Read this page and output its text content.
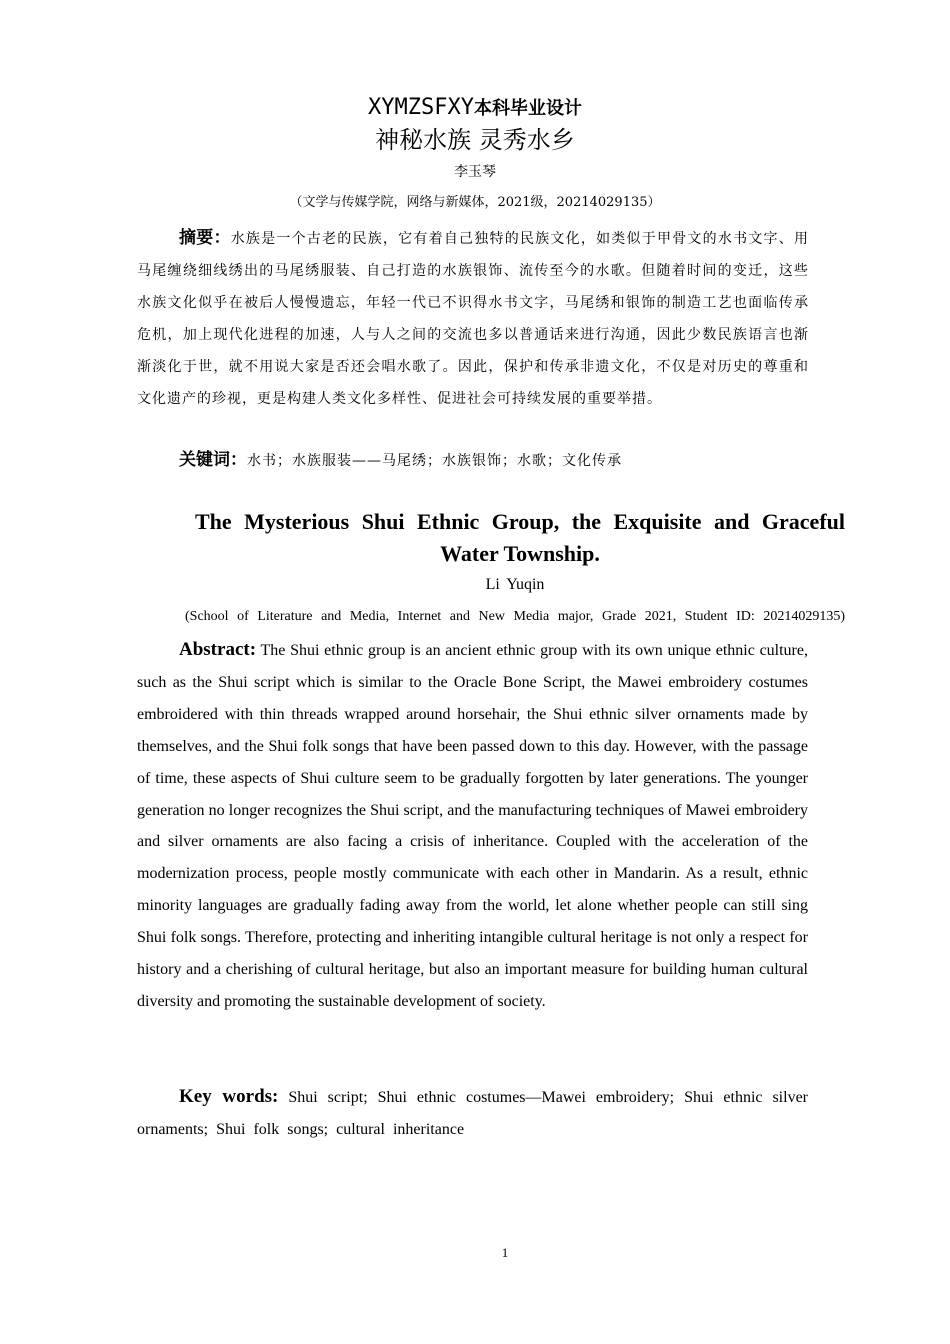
XYMZSFXY本科毕业设计
神秘水族 灵秀水乡
李玉琴
（文学与传媒学院，网络与新媒体，2021级，20214029135）
摘要：水族是一个古老的民族，它有着自己独特的民族文化，如类似于甲骨文的水书文字、用马尾缠绕细线绣出的马尾绣服装、自己打造的水族银饰、流传至今的水歌。但随着时间的变迁，这些水族文化似乎在被后人慢慢遗忘，年轻一代已不识得水书文字，马尾绣和银饰的制造工艺也面临传承危机，加上现代化进程的加速，人与人之间的交流也多以普通话来进行沟通，因此少数民族语言也渐渐淡化于世，就不用说大家是否还会唱水歌了。因此，保护和传承非遗文化，不仅是对历史的尊重和文化遗产的珍视，更是构建人类文化多样性、促进社会可持续发展的重要举措。
关键词：水书；水族服装——马尾绣；水族银饰；水歌；文化传承
The Mysterious Shui Ethnic Group, the Exquisite and Graceful Water Township.
Li Yuqin
(School of Literature and Media, Internet and New Media major, Grade 2021, Student ID: 20214029135)
Abstract: The Shui ethnic group is an ancient ethnic group with its own unique ethnic culture, such as the Shui script which is similar to the Oracle Bone Script, the Mawei embroidery costumes embroidered with thin threads wrapped around horsehair, the Shui ethnic silver ornaments made by themselves, and the Shui folk songs that have been passed down to this day. However, with the passage of time, these aspects of Shui culture seem to be gradually forgotten by later generations. The younger generation no longer recognizes the Shui script, and the manufacturing techniques of Mawei embroidery and silver ornaments are also facing a crisis of inheritance. Coupled with the acceleration of the modernization process, people mostly communicate with each other in Mandarin. As a result, ethnic minority languages are gradually fading away from the world, let alone whether people can still sing Shui folk songs. Therefore, protecting and inheriting intangible cultural heritage is not only a respect for history and a cherishing of cultural heritage, but also an important measure for building human cultural diversity and promoting the sustainable development of society.
Key words: Shui script; Shui ethnic costumes—Mawei embroidery; Shui ethnic silver ornaments; Shui folk songs; cultural inheritance
1
